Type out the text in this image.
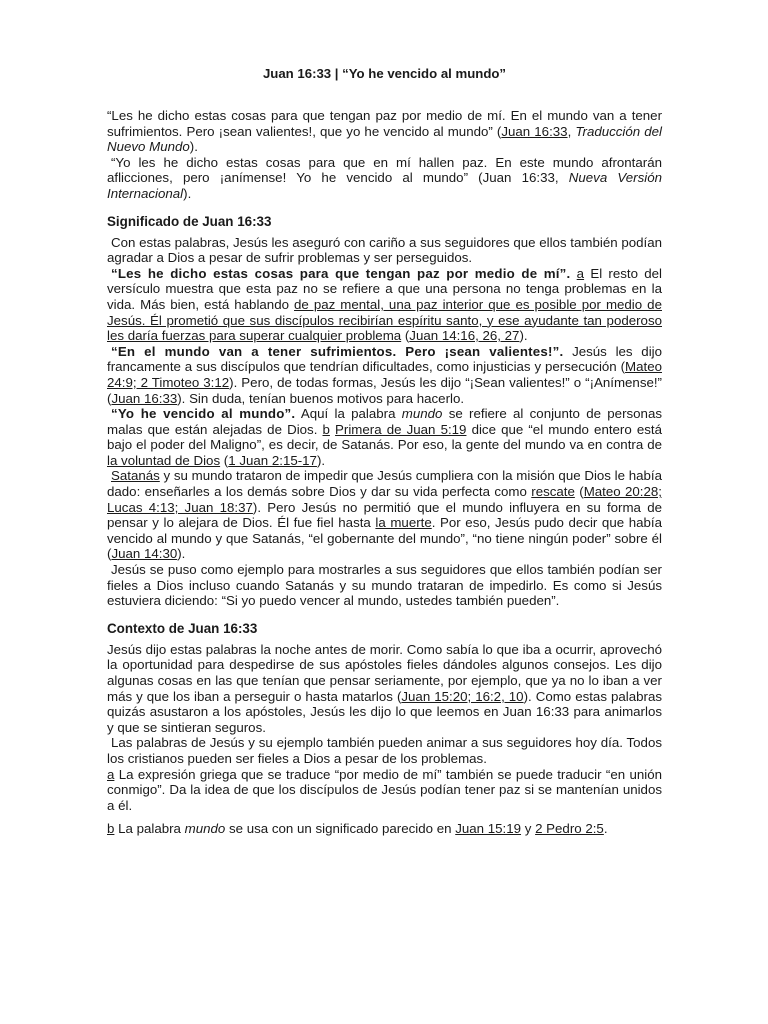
Juan 16:33 | “Yo he vencido al mundo”

“Les he dicho estas cosas para que tengan paz por medio de mí. En el mundo van a tener sufrimientos. Pero ¡sean valientes!, que yo he vencido al mundo” (Juan 16:33, Traducción del Nuevo Mundo).

“Yo les he dicho estas cosas para que en mí hallen paz. En este mundo afrontarán aflicciones, pero ¡anímense! Yo he vencido al mundo” (Juan 16:33, Nueva Versión Internacional).

Significado de Juan 16:33

Con estas palabras, Jesús les aseguró con cariño a sus seguidores que ellos también podían agradar a Dios a pesar de sufrir problemas y ser perseguidos.

“Les he dicho estas cosas para que tengan paz por medio de mí”. a El resto del versículo muestra que esta paz no se refiere a que una persona no tenga problemas en la vida. Más bien, está hablando de paz mental, una paz interior que es posible por medio de Jesús. Él prometió que sus discípulos recibirían espíritu santo, y ese ayudante tan poderoso les daría fuerzas para superar cualquier problema (Juan 14:16, 26, 27).

“En el mundo van a tener sufrimientos. Pero ¡sean valientes!”. Jesús les dijo francamente a sus discípulos que tendrían dificultades, como injusticias y persecución (Mateo 24:9; 2 Timoteo 3:12). Pero, de todas formas, Jesús les dijo “¡Sean valientes!” o “¡Anímense!” (Juan 16:33). Sin duda, tenían buenos motivos para hacerlo.

“Yo he vencido al mundo”. Aquí la palabra mundo se refiere al conjunto de personas malas que están alejadas de Dios. b Primera de Juan 5:19 dice que “el mundo entero está bajo el poder del Maligno”, es decir, de Satanás. Por eso, la gente del mundo va en contra de la voluntad de Dios (1 Juan 2:15-17).

Satanás y su mundo trataron de impedir que Jesús cumpliera con la misión que Dios le había dado: enseñarles a los demás sobre Dios y dar su vida perfecta como rescate (Mateo 20:28; Lucas 4:13; Juan 18:37). Pero Jesús no permitió que el mundo influyera en su forma de pensar y lo alejara de Dios. Él fue fiel hasta la muerte. Por eso, Jesús pudo decir que había vencido al mundo y que Satanás, “el gobernante del mundo”, “no tiene ningún poder” sobre él (Juan 14:30).

Jesús se puso como ejemplo para mostrarles a sus seguidores que ellos también podían ser fieles a Dios incluso cuando Satanás y su mundo trataran de impedirlo. Es como si Jesús estuviera diciendo: “Si yo puedo vencer al mundo, ustedes también pueden”.

Contexto de Juan 16:33

Jesús dijo estas palabras la noche antes de morir. Como sabía lo que iba a ocurrir, aprovechó la oportunidad para despedirse de sus apóstoles fieles dándoles algunos consejos. Les dijo algunas cosas en las que tenían que pensar seriamente, por ejemplo, que ya no lo iban a ver más y que los iban a perseguir o hasta matarlos (Juan 15:20; 16:2, 10). Como estas palabras quizás asustaron a los apóstoles, Jesús les dijo lo que leemos en Juan 16:33 para animarlos y que se sintieran seguros.

Las palabras de Jesús y su ejemplo también pueden animar a sus seguidores hoy día. Todos los cristianos pueden ser fieles a Dios a pesar de los problemas.

a La expresión griega que se traduce “por medio de mí” también se puede traducir “en unión conmigo”. Da la idea de que los discípulos de Jesús podían tener paz si se mantenían unidos a él.

b La palabra mundo se usa con un significado parecido en Juan 15:19 y 2 Pedro 2:5.
